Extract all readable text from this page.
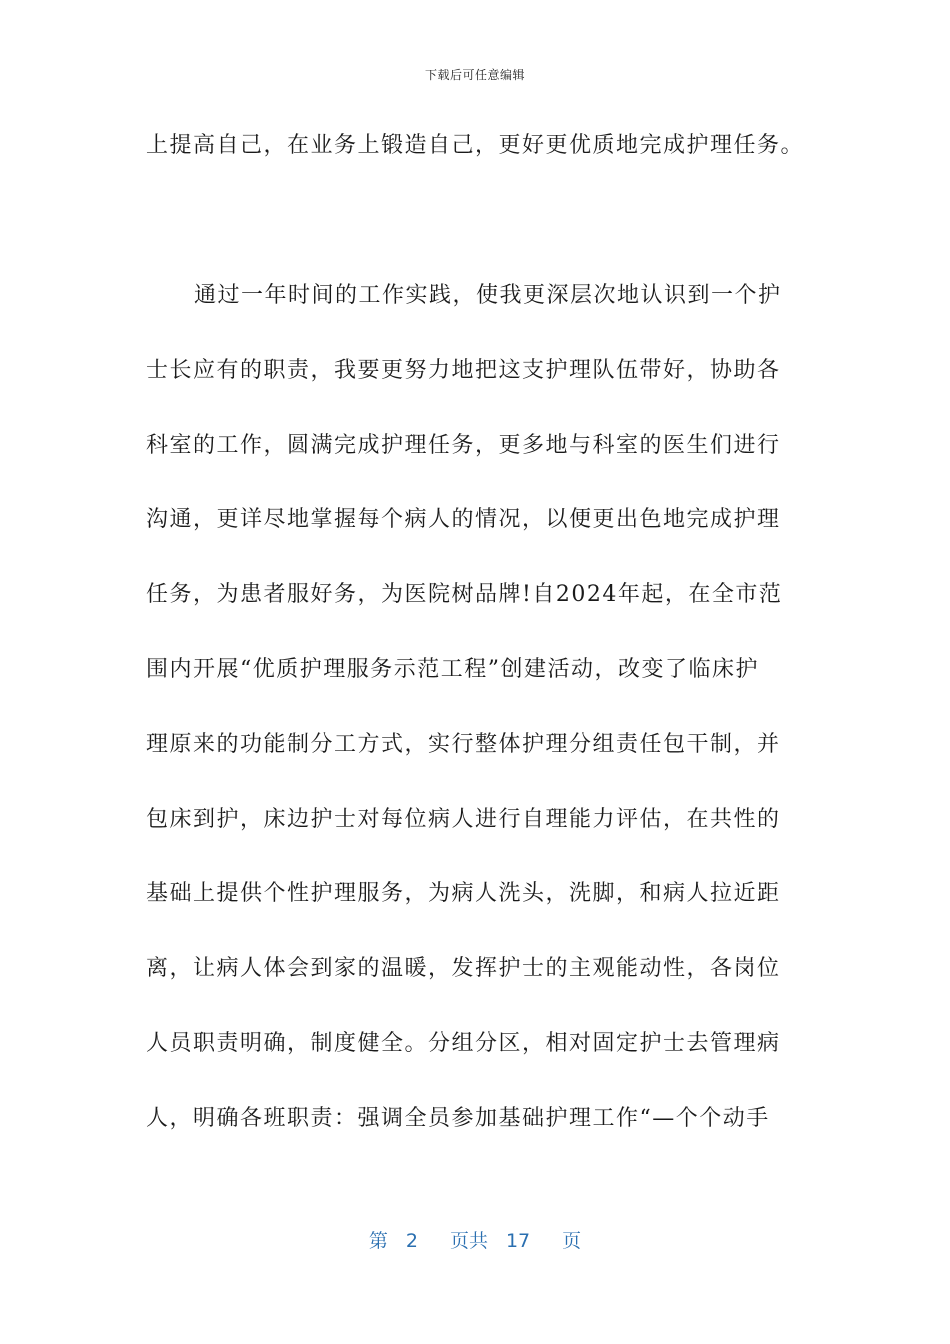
下载后可任意编辑
上提高自己，在业务上锻造自己，更好更优质地完成护理任务。
通过一年时间的工作实践，使我更深层次地认识到一个护
士长应有的职责，我要更努力地把这支护理队伍带好，协助各
科室的工作，圆满完成护理任务，更多地与科室的医生们进行
沟通，更详尽地掌握每个病人的情况，以便更出色地完成护理
任务，为患者服好务，为医院树品牌!自2024年起，在全市范
围内开展“优质护理服务示范工程”创建活动，改变了临床护
理原来的功能制分工方式，实行整体护理分组责任包干制，并
包床到护，床边护士对每位病人进行自理能力评估，在共性的
基础上提供个性护理服务，为病人洗头，洗脚，和病人拉近距
离，让病人体会到家的温暖，发挥护士的主观能动性，各岗位
人员职责明确，制度健全。分组分区，相对固定护士去管理病
人，明确各班职责：强调全员参加基础护理工作“—个个动手
第 2 页共 17 页
